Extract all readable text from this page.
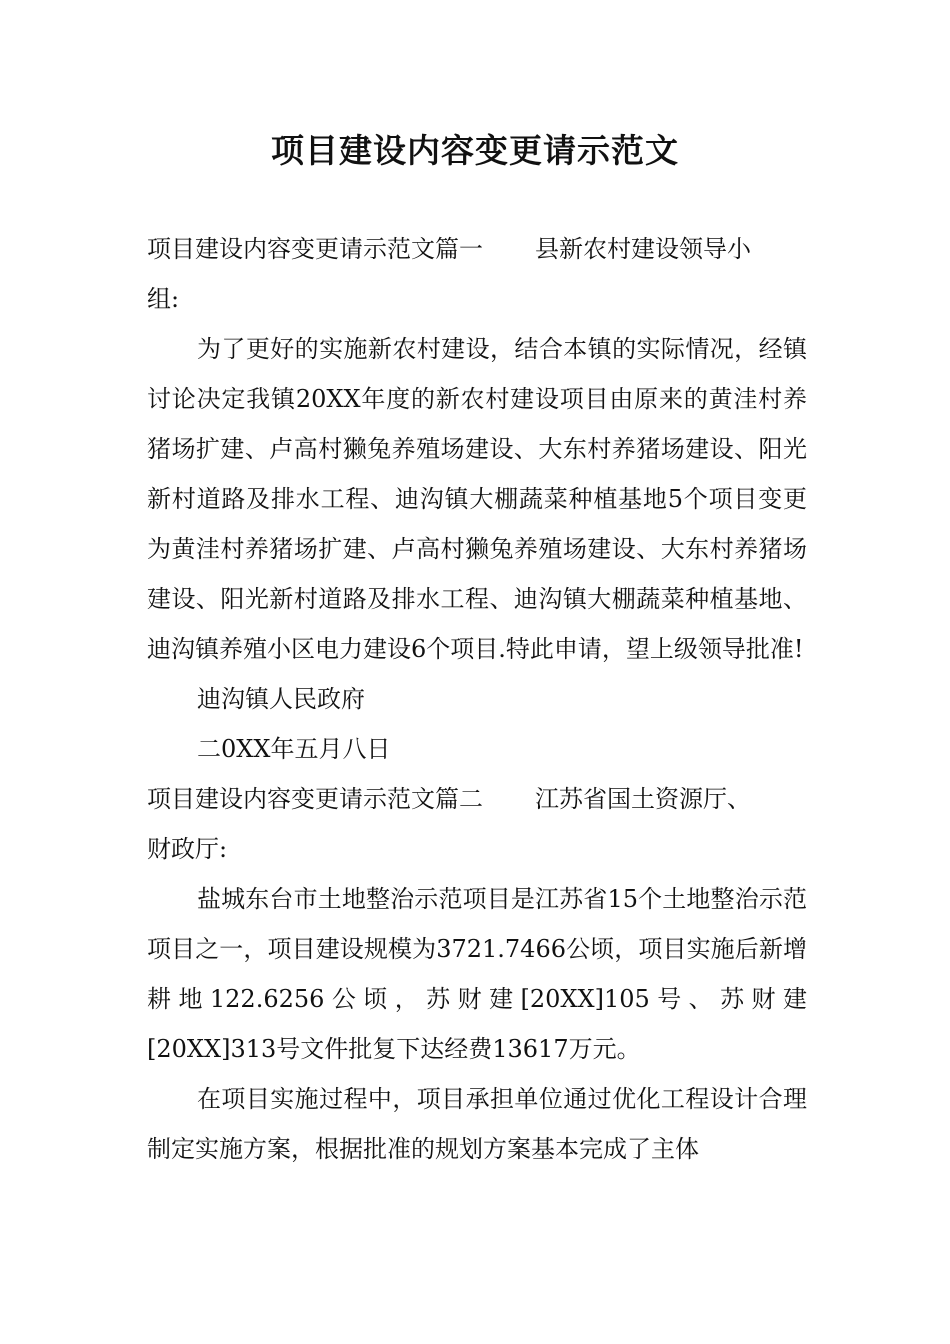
项目建设内容变更请示范文

项目建设内容变更请示范文篇一 县新农村建设领导小

组:

为了更好的实施新农村建设，结合本镇的实际情况，经镇讨论决定我镇20XX年度的新农村建设项目由原来的黄洼村养猪场扩建、卢高村獭兔养殖场建设、大东村养猪场建设、阳光新村道路及排水工程、迪沟镇大棚蔬菜种植基地5个项目变更为黄洼村养猪场扩建、卢高村獭兔养殖场建设、大东村养猪场建设、阳光新村道路及排水工程、迪沟镇大棚蔬菜种植基地、迪沟镇养殖小区电力建设6个项目.特此申请，望上级领导批准!

迪沟镇人民政府

二0XX年五月八日

项目建设内容变更请示范文篇二 江苏省国土资源厅、

财政厅:

盐城东台市土地整治示范项目是江苏省15个土地整治示范项目之一，项目建设规模为3721.7466公顷，项目实施后新增耕地122.6256公顷，苏财建[20XX]105号、苏财建[20XX]313号文件批复下达经费13617万元。

在项目实施过程中，项目承担单位通过优化工程设计合理制定实施方案，根据批准的规划方案基本完成了主体
